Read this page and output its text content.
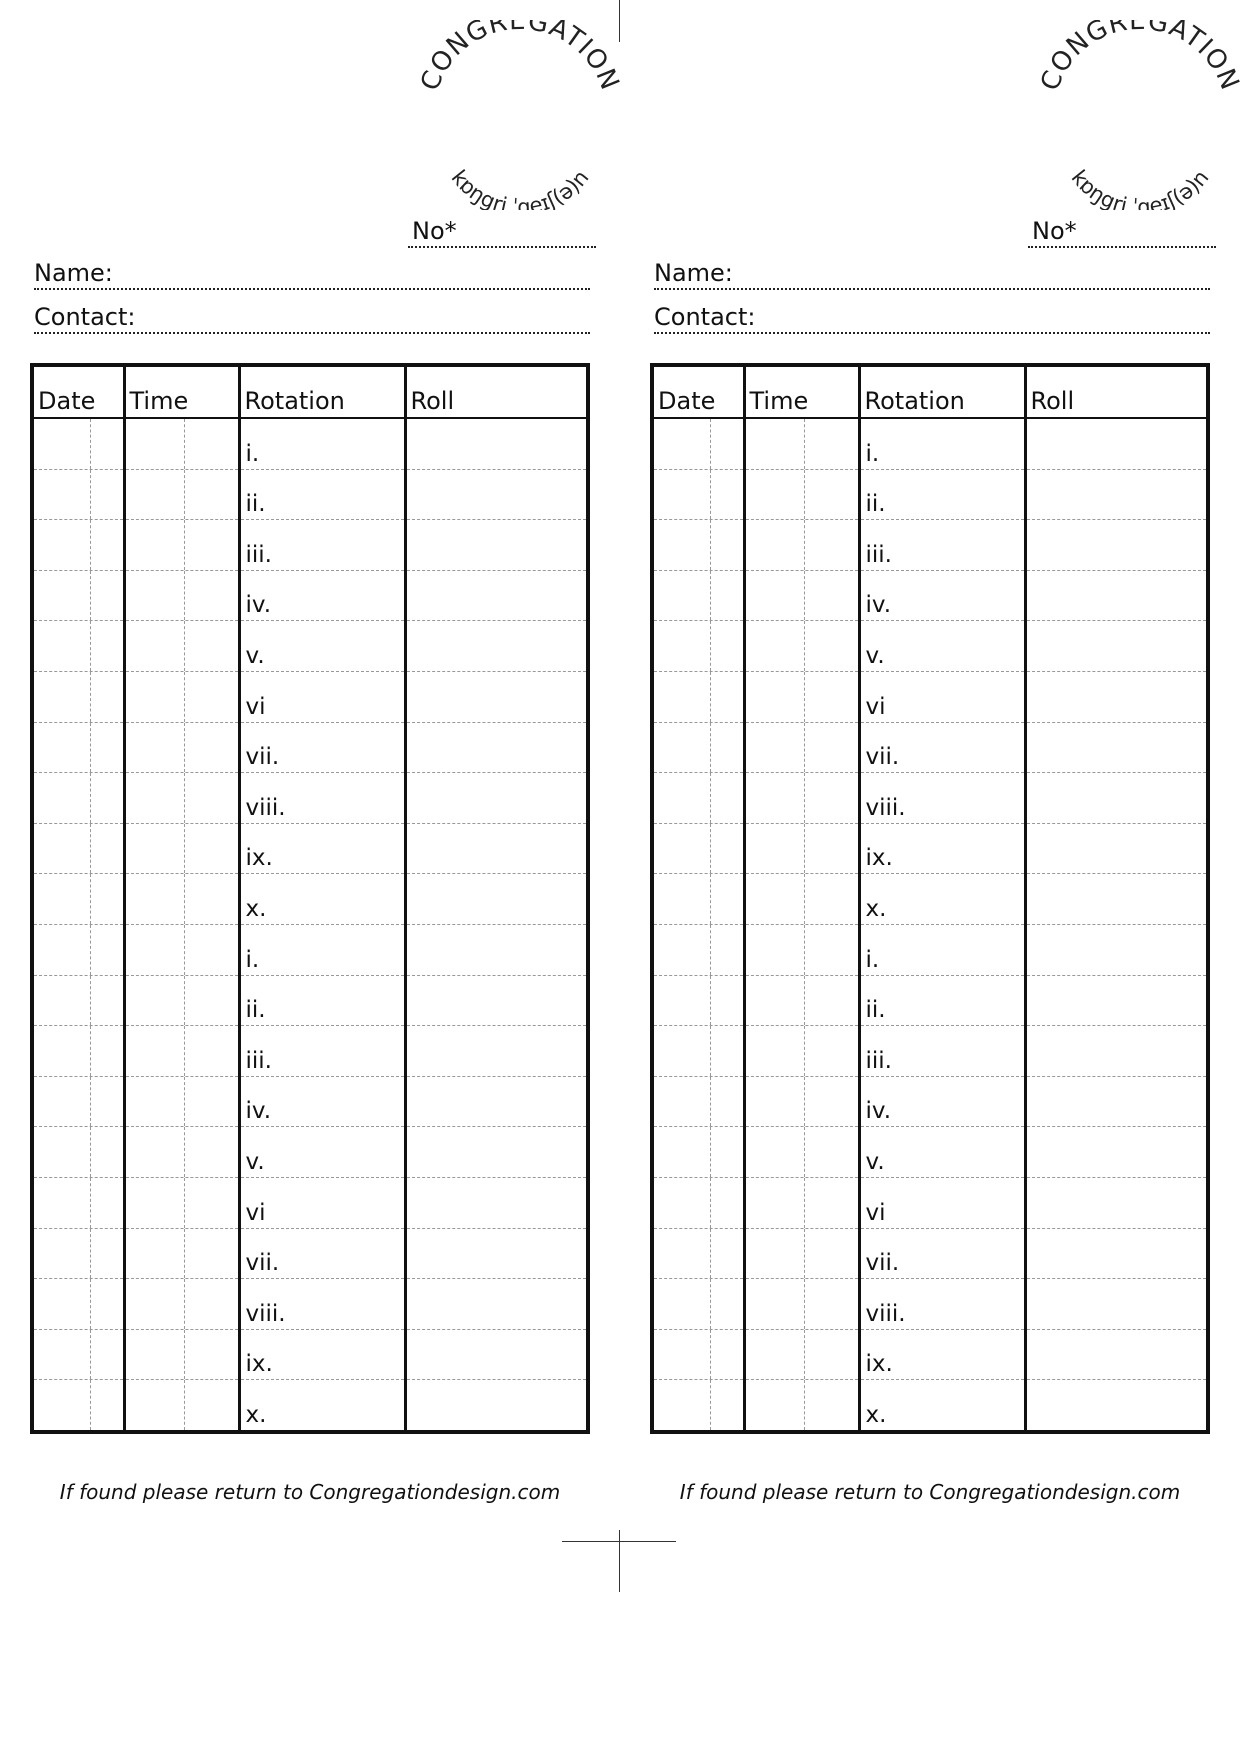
CONGREGATION
kɒŋgri ˈgeɪʃ(ə)n
No*
Name:
Contact:
Date	Time	Rotation	Roll

		i.	

		ii.	

		iii.	

		iv.	

		v.	

		vi	

		vii.	

		viii.	

		ix.	

		x.	

		i.	

		ii.	

		iii.	

		iv.	

		v.	

		vi	

		vii.	

		viii.	

		ix.	

		x.	

If found please return to Congregationdesign.com
CONGREGATION
kɒŋgri ˈgeɪʃ(ə)n
No*
Name:
Contact:
Date	Time	Rotation	Roll

		i.	

		ii.	

		iii.	

		iv.	

		v.	

		vi	

		vii.	

		viii.	

		ix.	

		x.	

		i.	

		ii.	

		iii.	

		iv.	

		v.	

		vi	

		vii.	

		viii.	

		ix.	

		x.	

If found please return to Congregationdesign.com
